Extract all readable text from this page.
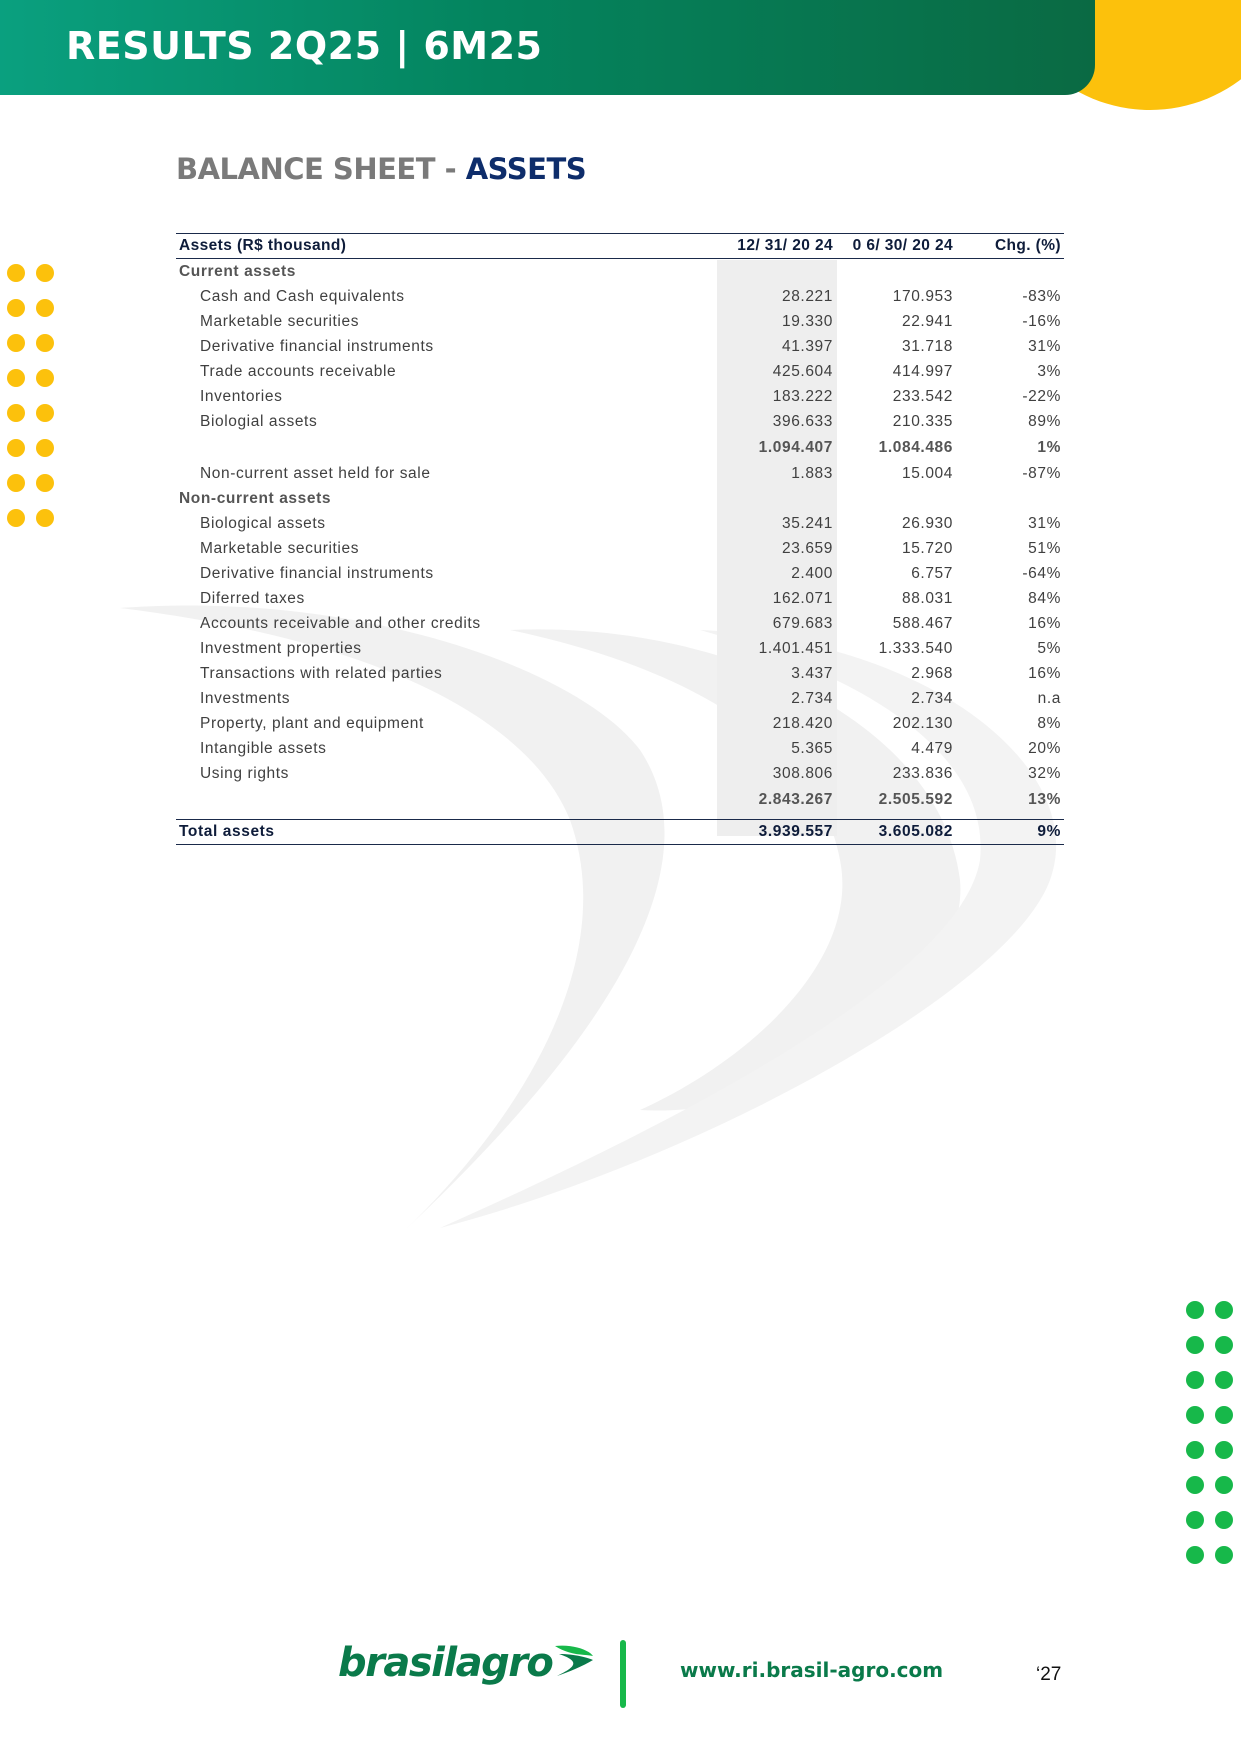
RESULTS 2Q25 | 6M25
BALANCE SHEET - ASSETS
Assets (R$ thousand)	12/ 31/ 20 24	0 6/ 30/ 20 24	Chg. (%)
Current assets			
Cash and Cash equivalents	28.221	170.953	-83%
Marketable securities	19.330	22.941	-16%
Derivative financial instruments	41.397	31.718	31%
Trade accounts receivable	425.604	414.997	3%
Inventories	183.222	233.542	-22%
Biologial assets	396.633	210.335	89%
	1.094.407	1.084.486	1%
Non-current asset held for sale	1.883	15.004	-87%
Non-current assets			
Biological assets	35.241	26.930	31%
Marketable securities	23.659	15.720	51%
Derivative financial instruments	2.400	6.757	-64%
Diferred taxes	162.071	88.031	84%
Accounts receivable and other credits	679.683	588.467	16%
Investment properties	1.401.451	1.333.540	5%
Transactions with related parties	3.437	2.968	16%
Investments	2.734	2.734	n.a
Property, plant and equipment	218.420	202.130	8%
Intangible assets	5.365	4.479	20%
Using rights	308.806	233.836	32%
	2.843.267	2.505.592	13%

Total assets	3.939.557	3.605.082	9%
brasilagro	www.ri.brasil-agro.com	‘27
